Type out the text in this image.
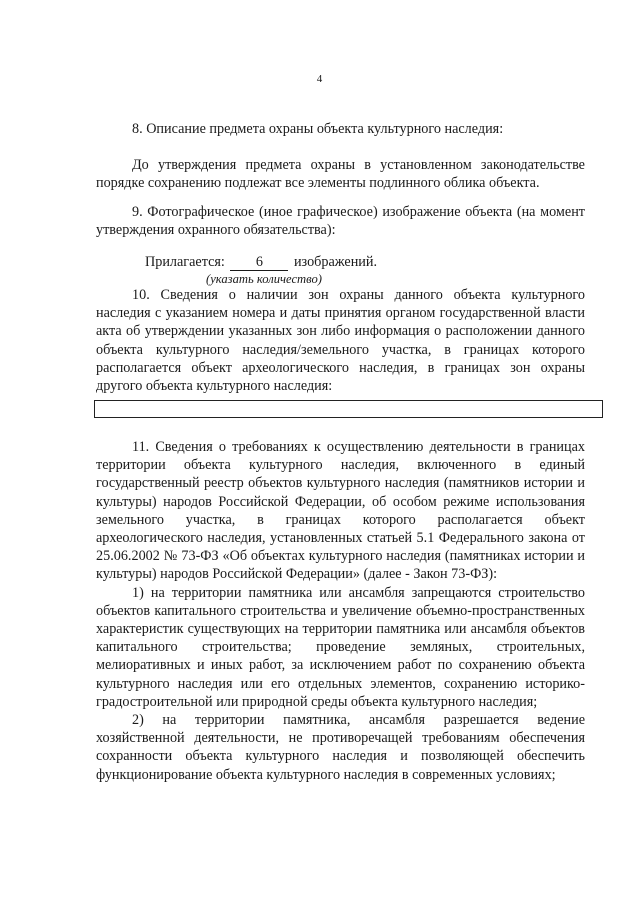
4

8. Описание предмета охраны объекта культурного наследия:

До утверждения предмета охраны в установленном законодательстве порядке сохранению подлежат все элементы подлинного облика объекта.

9. Фотографическое (иное графическое) изображение объекта (на момент утверждения охранного обязательства):

Прилагается: 6 изображений.
(указать количество)

10. Сведения о наличии зон охраны данного объекта культурного наследия с указанием номера и даты принятия органом государственной власти акта об утверждении указанных зон либо информация о расположении данного объекта культурного наследия/земельного участка, в границах которого располагается объект археологического наследия, в границах зон охраны другого объекта культурного наследия:

11. Сведения о требованиях к осуществлению деятельности в границах территории объекта культурного наследия, включенного в единый государственный реестр объектов культурного наследия (памятников истории и культуры) народов Российской Федерации, об особом режиме использования земельного участка, в границах которого располагается объект археологического наследия, установленных статьей 5.1 Федерального закона от 25.06.2002 № 73-ФЗ «Об объектах культурного наследия (памятниках истории и культуры) народов Российской Федерации» (далее - Закон 73-ФЗ):

1) на территории памятника или ансамбля запрещаются строительство объектов капитального строительства и увеличение объемно-пространственных характеристик существующих на территории памятника или ансамбля объектов капитального строительства; проведение земляных, строительных, мелиоративных и иных работ, за исключением работ по сохранению объекта культурного наследия или его отдельных элементов, сохранению историко-градостроительной или природной среды объекта культурного наследия;

2) на территории памятника, ансамбля разрешается ведение хозяйственной деятельности, не противоречащей требованиям обеспечения сохранности объекта культурного наследия и позволяющей обеспечить функционирование объекта культурного наследия в современных условиях;
